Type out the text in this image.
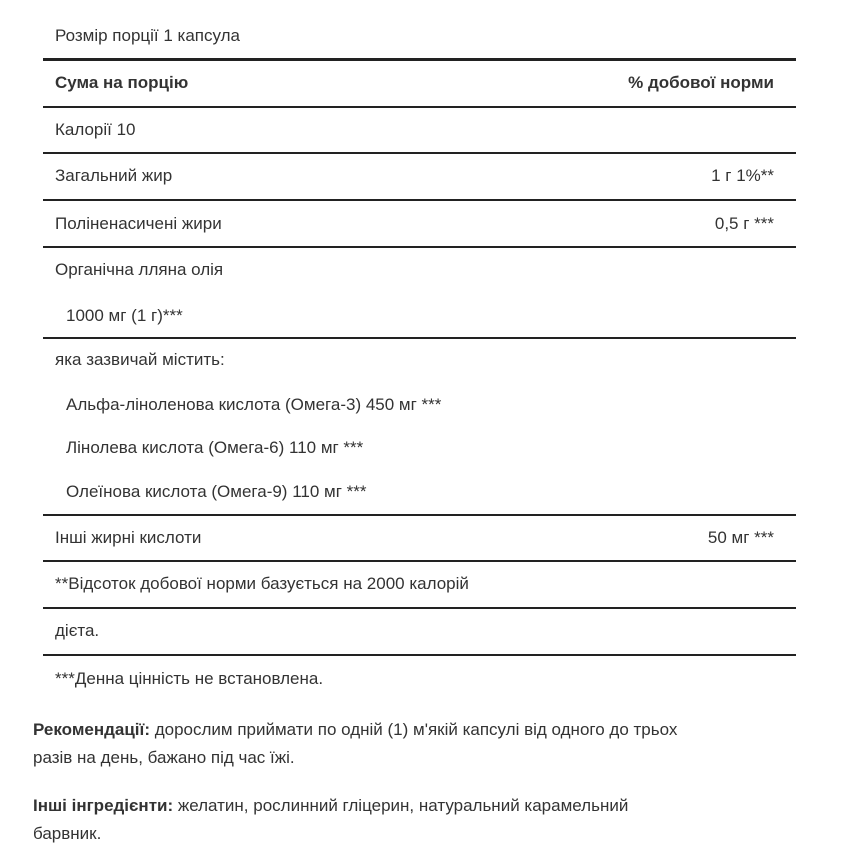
Розмір порції 1 капсула
Сума на порцію	% добової норми
Калорії 10
Загальний жир	1 г 1%**
Поліненасичені жири	0,5 г ***
Органічна лляна олія
1000 мг (1 г)***
яка зазвичай містить:
Альфа-ліноленова кислота (Омега-3) 450 мг ***
Лінолева кислота (Омега-6) 110 мг ***
Олеїнова кислота (Омега-9) 110 мг ***
Інші жирні кислоти	50 мг ***
**Відсоток добової норми базується на 2000 калорій
дієта.
***Денна цінність не встановлена.
Рекомендації: дорослим приймати по одній (1) м'якій капсулі від одного до трьох
разів на день, бажано під час їжі.
Інші інгредієнти: желатин, рослинний гліцерин, натуральний карамельний
барвник.
